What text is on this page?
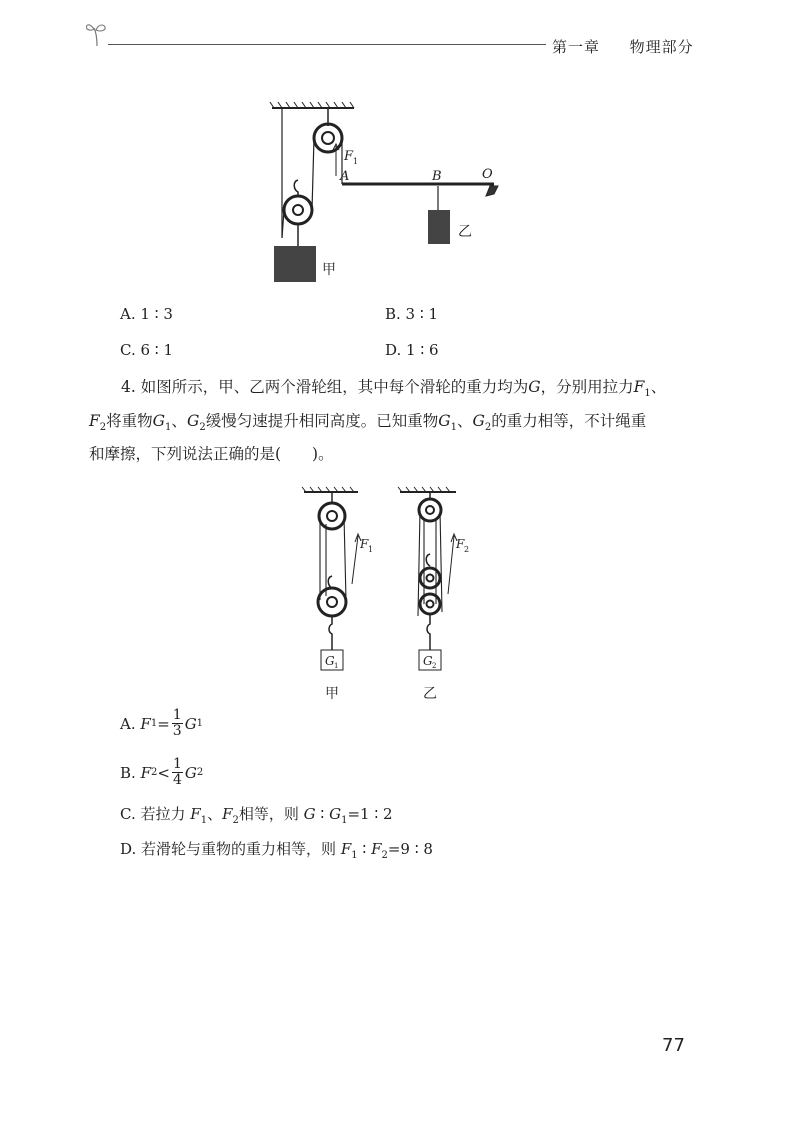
第一章 物理部分
F 1
A	B	O
乙
甲
A. 1 ∶ 3	B. 3 ∶ 1
C. 6 ∶ 1	D. 1 ∶ 6
4. 如图所示，甲、乙两个滑轮组，其中每个滑轮的重力均为G，分别用拉力$F_1$、
$F_2$将重物$G_1$、$G_2$缓慢匀速提升相同高度。已知重物$G_1$、$G_2$的重力相等，不计绳重
和摩擦，下列说法正确的是(　　)。
F 1	F 2
G 1	G 2
甲	乙
A.
F $1 = \frac{1}{3}$ G 1
B.
F $2 < \frac{1}{4}$ G 2
C. 若拉力 $F_1$、$F_2$相等，则 G ∶ $G_1=1$ ∶ 2
D. 若滑轮与重物的重力相等，则 $F_1$ ∶ $F_2=9$ ∶ 8
77
